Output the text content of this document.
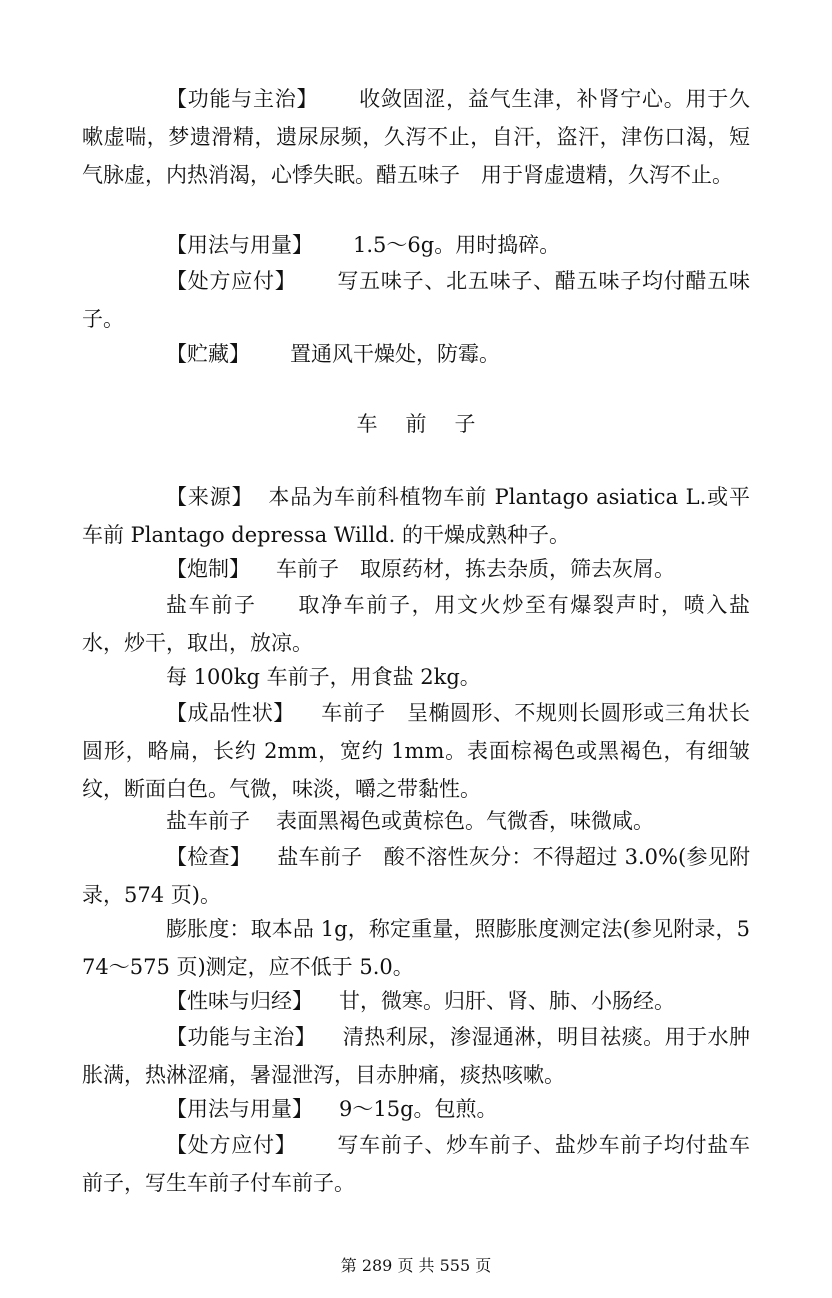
【功能与主治】 收敛固涩，益气生津，补肾宁心。用于久嗽虚喘，梦遗滑精，遗尿尿频，久泻不止，自汗，盗汗，津伤口渴，短气脉虚，内热消渴，心悸失眠。醋五味子　用于肾虚遗精，久泻不止。

【用法与用量】 1.5～6g。用时捣碎。

【处方应付】 写五味子、北五味子、醋五味子均付醋五味子。

【贮藏】 置通风干燥处，防霉。

车 前 子

【来源】 本品为车前科植物车前 Plantago asiatica L.或平车前 Plantago depressa Willd. 的干燥成熟种子。

【炮制】 车前子　取原药材，拣去杂质，筛去灰屑。

盐车前子 取净车前子，用文火炒至有爆裂声时，喷入盐水，炒干，取出，放凉。

每 100kg 车前子，用食盐 2kg。

【成品性状】 车前子　呈椭圆形、不规则长圆形或三角状长圆形，略扁，长约 2mm，宽约 1mm。表面棕褐色或黑褐色，有细皱纹，断面白色。气微，味淡，嚼之带黏性。

盐车前子 表面黑褐色或黄棕色。气微香，味微咸。

【检查】 盐车前子　酸不溶性灰分：不得超过 3.0%(参见附录，574 页)。

膨胀度：取本品 1g，称定重量，照膨胀度测定法(参见附录，574～575 页)测定，应不低于 5.0。

【性味与归经】 甘，微寒。归肝、肾、肺、小肠经。

【功能与主治】 清热利尿，渗湿通淋，明目祛痰。用于水肿胀满，热淋涩痛，暑湿泄泻，目赤肿痛，痰热咳嗽。

【用法与用量】 9～15g。包煎。

【处方应付】 写车前子、炒车前子、盐炒车前子均付盐车前子，写生车前子付车前子。

第 289 页 共 555 页
